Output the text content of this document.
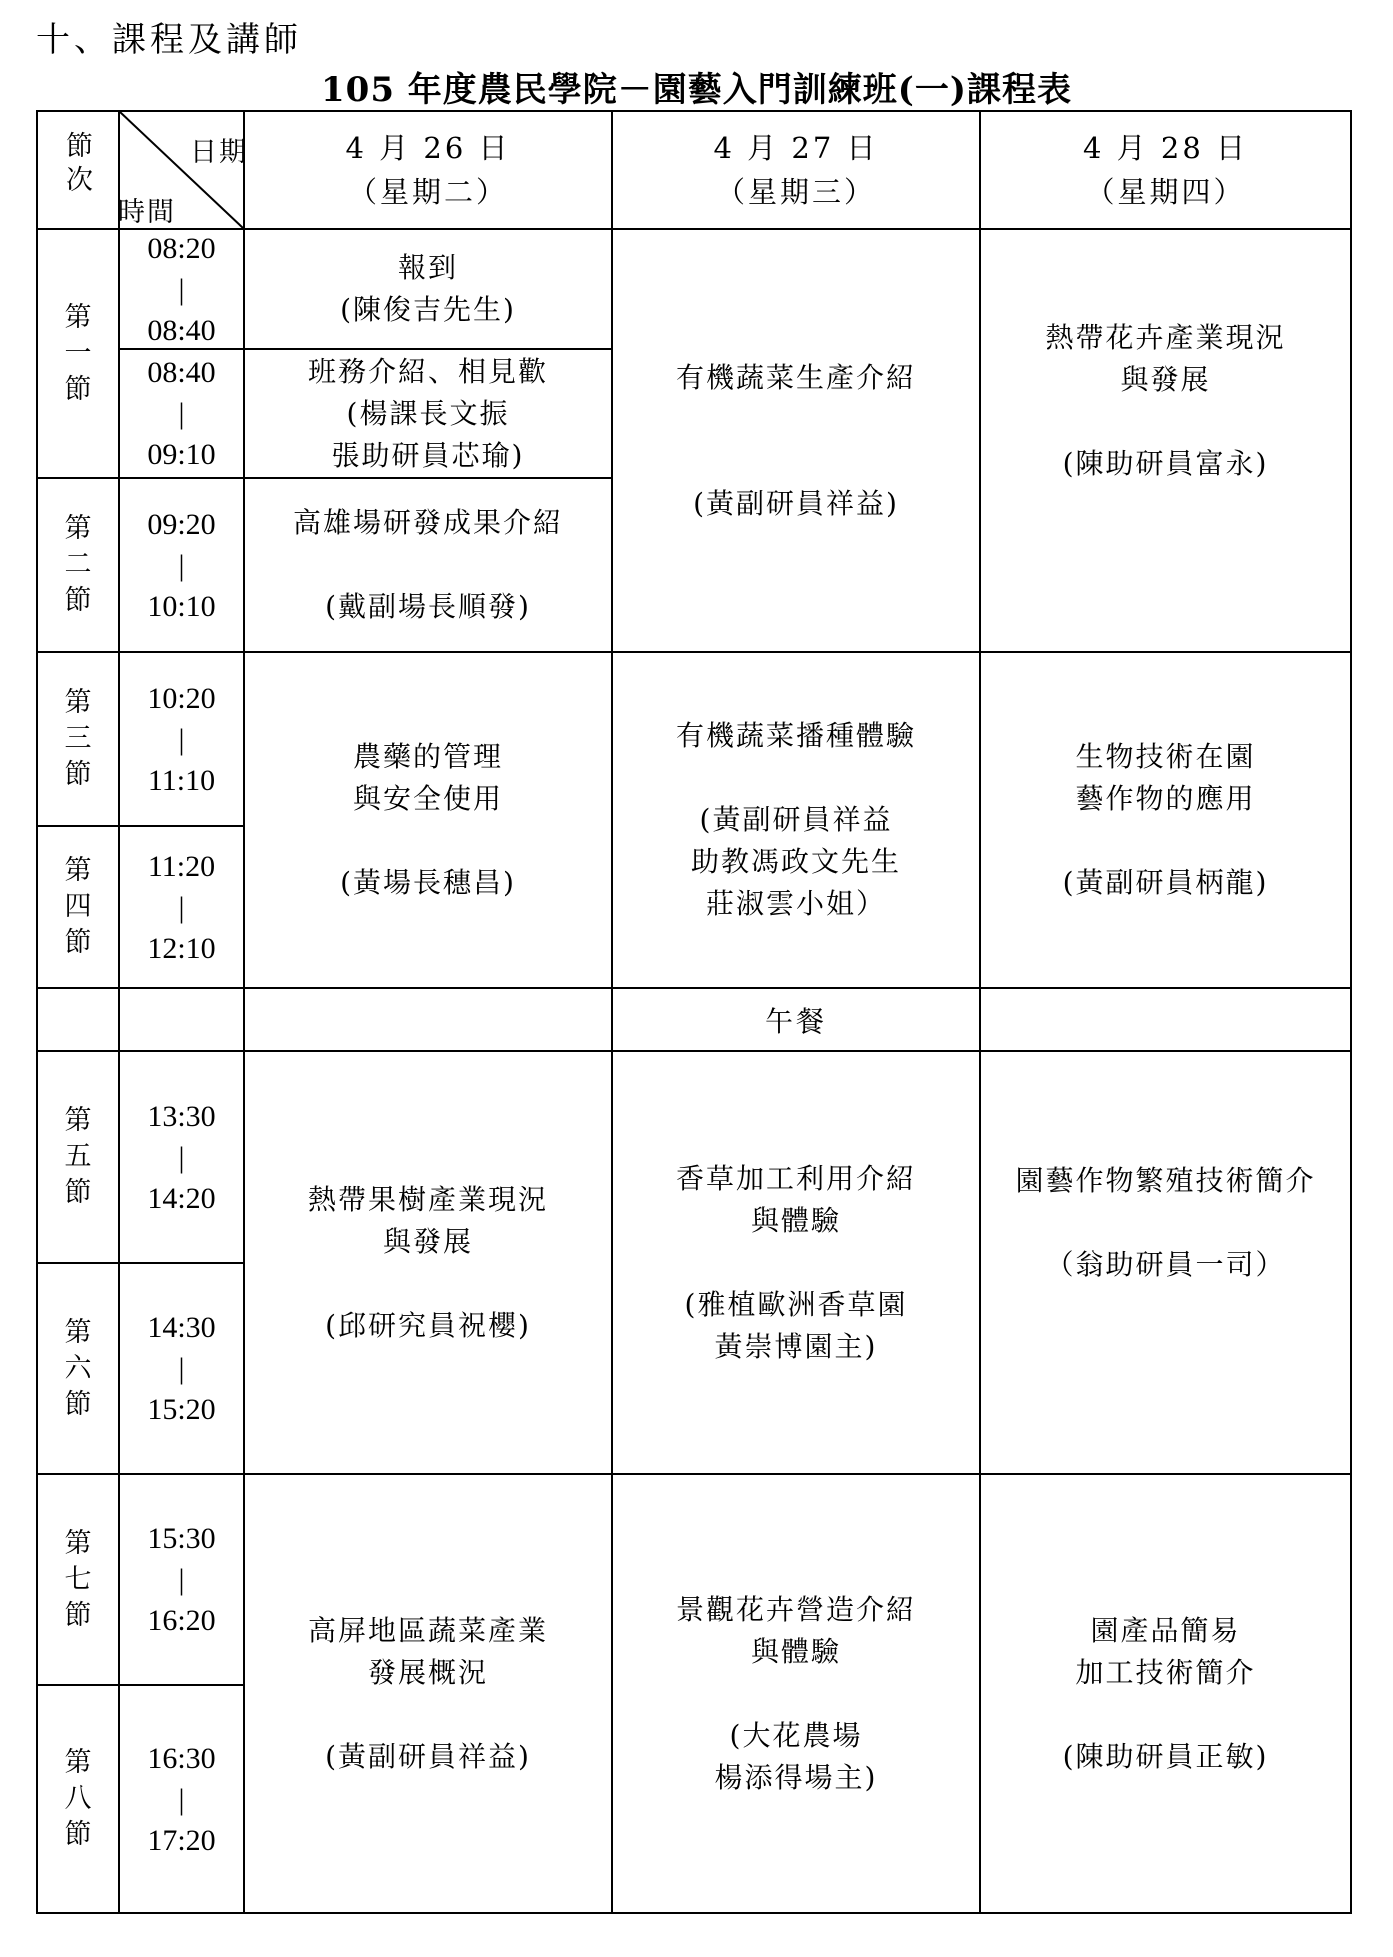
十、課程及講師
105 年度農民學院－園藝入門訓練班(一)課程表
節
次
日期
時間
4 月 26 日
（星期二）
4 月 27 日
（星期三）
4 月 28 日
（星期四）
第
一
節
第
二
節
第
三
節
第
四
節
第
五
節
第
六
節
第
七
節
第
八
節
08:20
|
08:40
08:40
|
09:10
09:20
|
10:10
10:20
|
11:10
11:20
|
12:10
13:30
|
14:20
14:30
|
15:20
15:30
|
16:20
16:30
|
17:20
報到
(陳俊吉先生)
班務介紹、相見歡
(楊課長文振
張助研員芯瑜)
高雄場研發成果介紹

(戴副場長順發)
農藥的管理
與安全使用

(黃場長穗昌)
熱帶果樹產業現況
與發展

(邱研究員祝櫻)
高屏地區蔬菜產業
發展概況

(黃副研員祥益)
有機蔬菜生產介紹

(黃副研員祥益)
有機蔬菜播種體驗

(黃副研員祥益
助教馮政文先生
莊淑雲小姐）
香草加工利用介紹
與體驗

(雅植歐洲香草園
黃崇博園主)
景觀花卉營造介紹
與體驗

(大花農場
楊添得場主)
熱帶花卉產業現況
與發展

(陳助研員富永)
生物技術在園
藝作物的應用

(黃副研員柄龍)
園藝作物繁殖技術簡介

（翁助研員一司）
園產品簡易
加工技術簡介

(陳助研員正敏)
午餐
